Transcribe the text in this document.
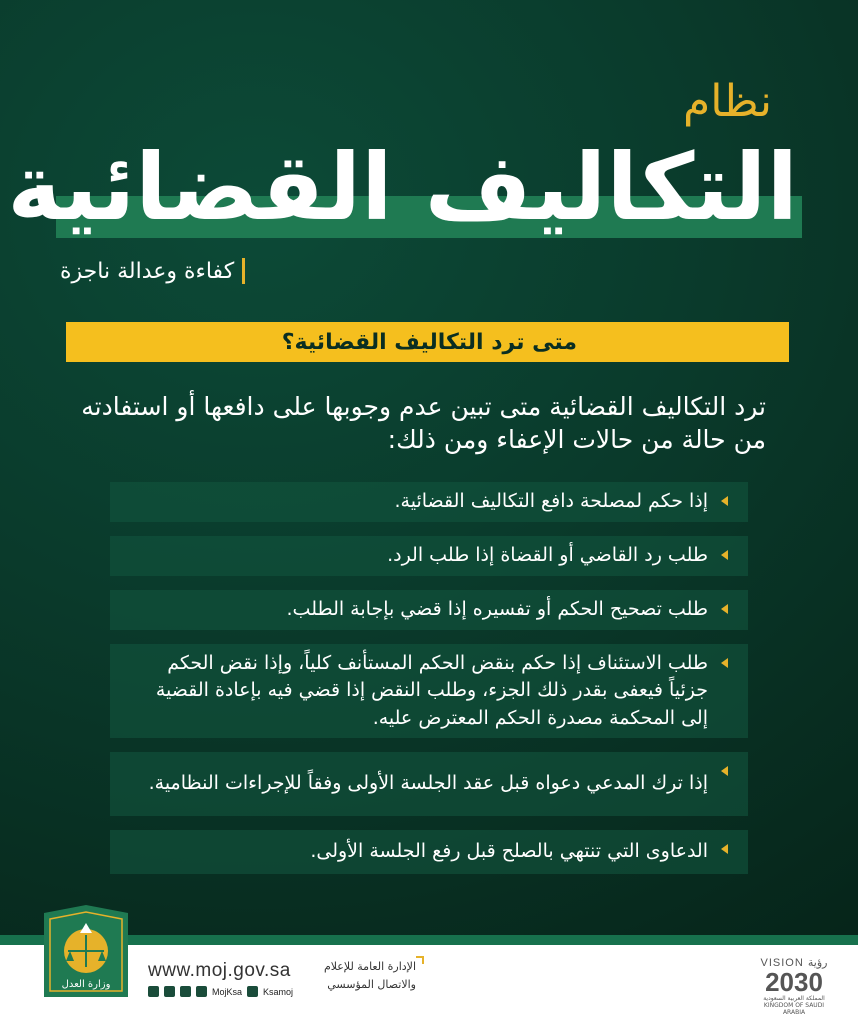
نظام
التكاليف القضائية
كفاءة وعدالة ناجزة
متى ترد التكاليف القضائية؟
ترد التكاليف القضائية متى تبين عدم وجوبها على دافعها أو استفادته من حالة من حالات الإعفاء ومن ذلك:
إذا حكم لمصلحة دافع التكاليف القضائية.
طلب رد القاضي أو القضاة إذا طلب الرد.
طلب تصحيح الحكم أو تفسيره إذا قضي بإجابة الطلب.
طلب الاستئناف إذا حكم بنقض الحكم المستأنف كلياً، وإذا نقض الحكم جزئياً فيعفى بقدر ذلك الجزء، وطلب النقض إذا قضي فيه بإعادة القضية إلى المحكمة مصدرة الحكم المعترض عليه.
إذا ترك المدعي دعواه قبل عقد الجلسة الأولى وفقاً للإجراءات النظامية.
الدعاوى التي تنتهي بالصلح قبل رفع الجلسة الأولى.
وزارة العدل
www.moj.gov.sa
MojKsa Ksamoj
الإدارة العامة للإعلام
والاتصال المؤسسي
VISION رؤية
2030
المملكة العربية السعودية
KINGDOM OF SAUDI ARABIA
